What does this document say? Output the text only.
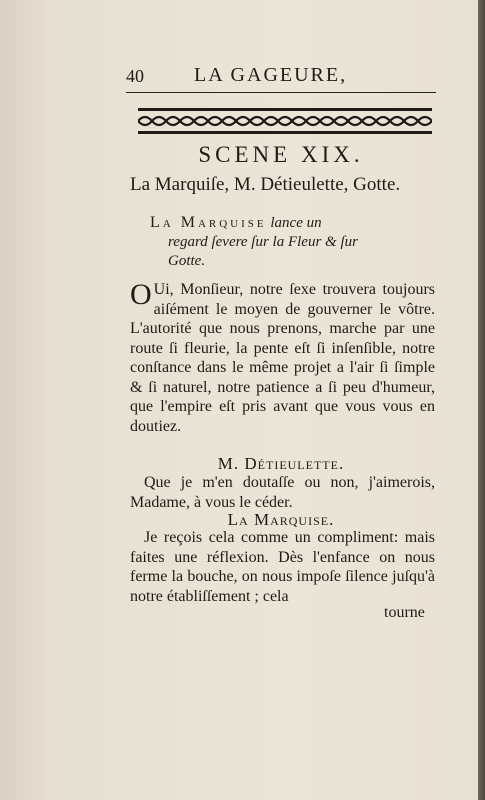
40	LA GAGEURE,
SCENE XIX.
La Marquiſe, M. Détieulette, Gotte.
La Marquise lance un
regard ſevere ſur la Fleur & ſur
Gotte.
O Ui, Monſieur, notre ſexe trouvera toujours aiſément le moyen de gouverner le vôtre. L'autorité que nous prenons, marche par une route ſi fleurie, la pente eſt ſi inſenſible, notre conſtance dans le même projet a l'air ſi ſimple & ſi naturel, notre patience a ſi peu d'humeur, que l'empire eſt pris avant que vous vous en doutiez.
M. Détieulette.
Que je m'en doutaſſe ou non, j'aimerois, Madame, à vous le céder.
La Marquise.
Je reçois cela comme un compliment: mais faites une réflexion. Dès l'enfance on nous ferme la bouche, on nous impoſe ſilence juſqu'à notre établiſſement ; cela
tourne
